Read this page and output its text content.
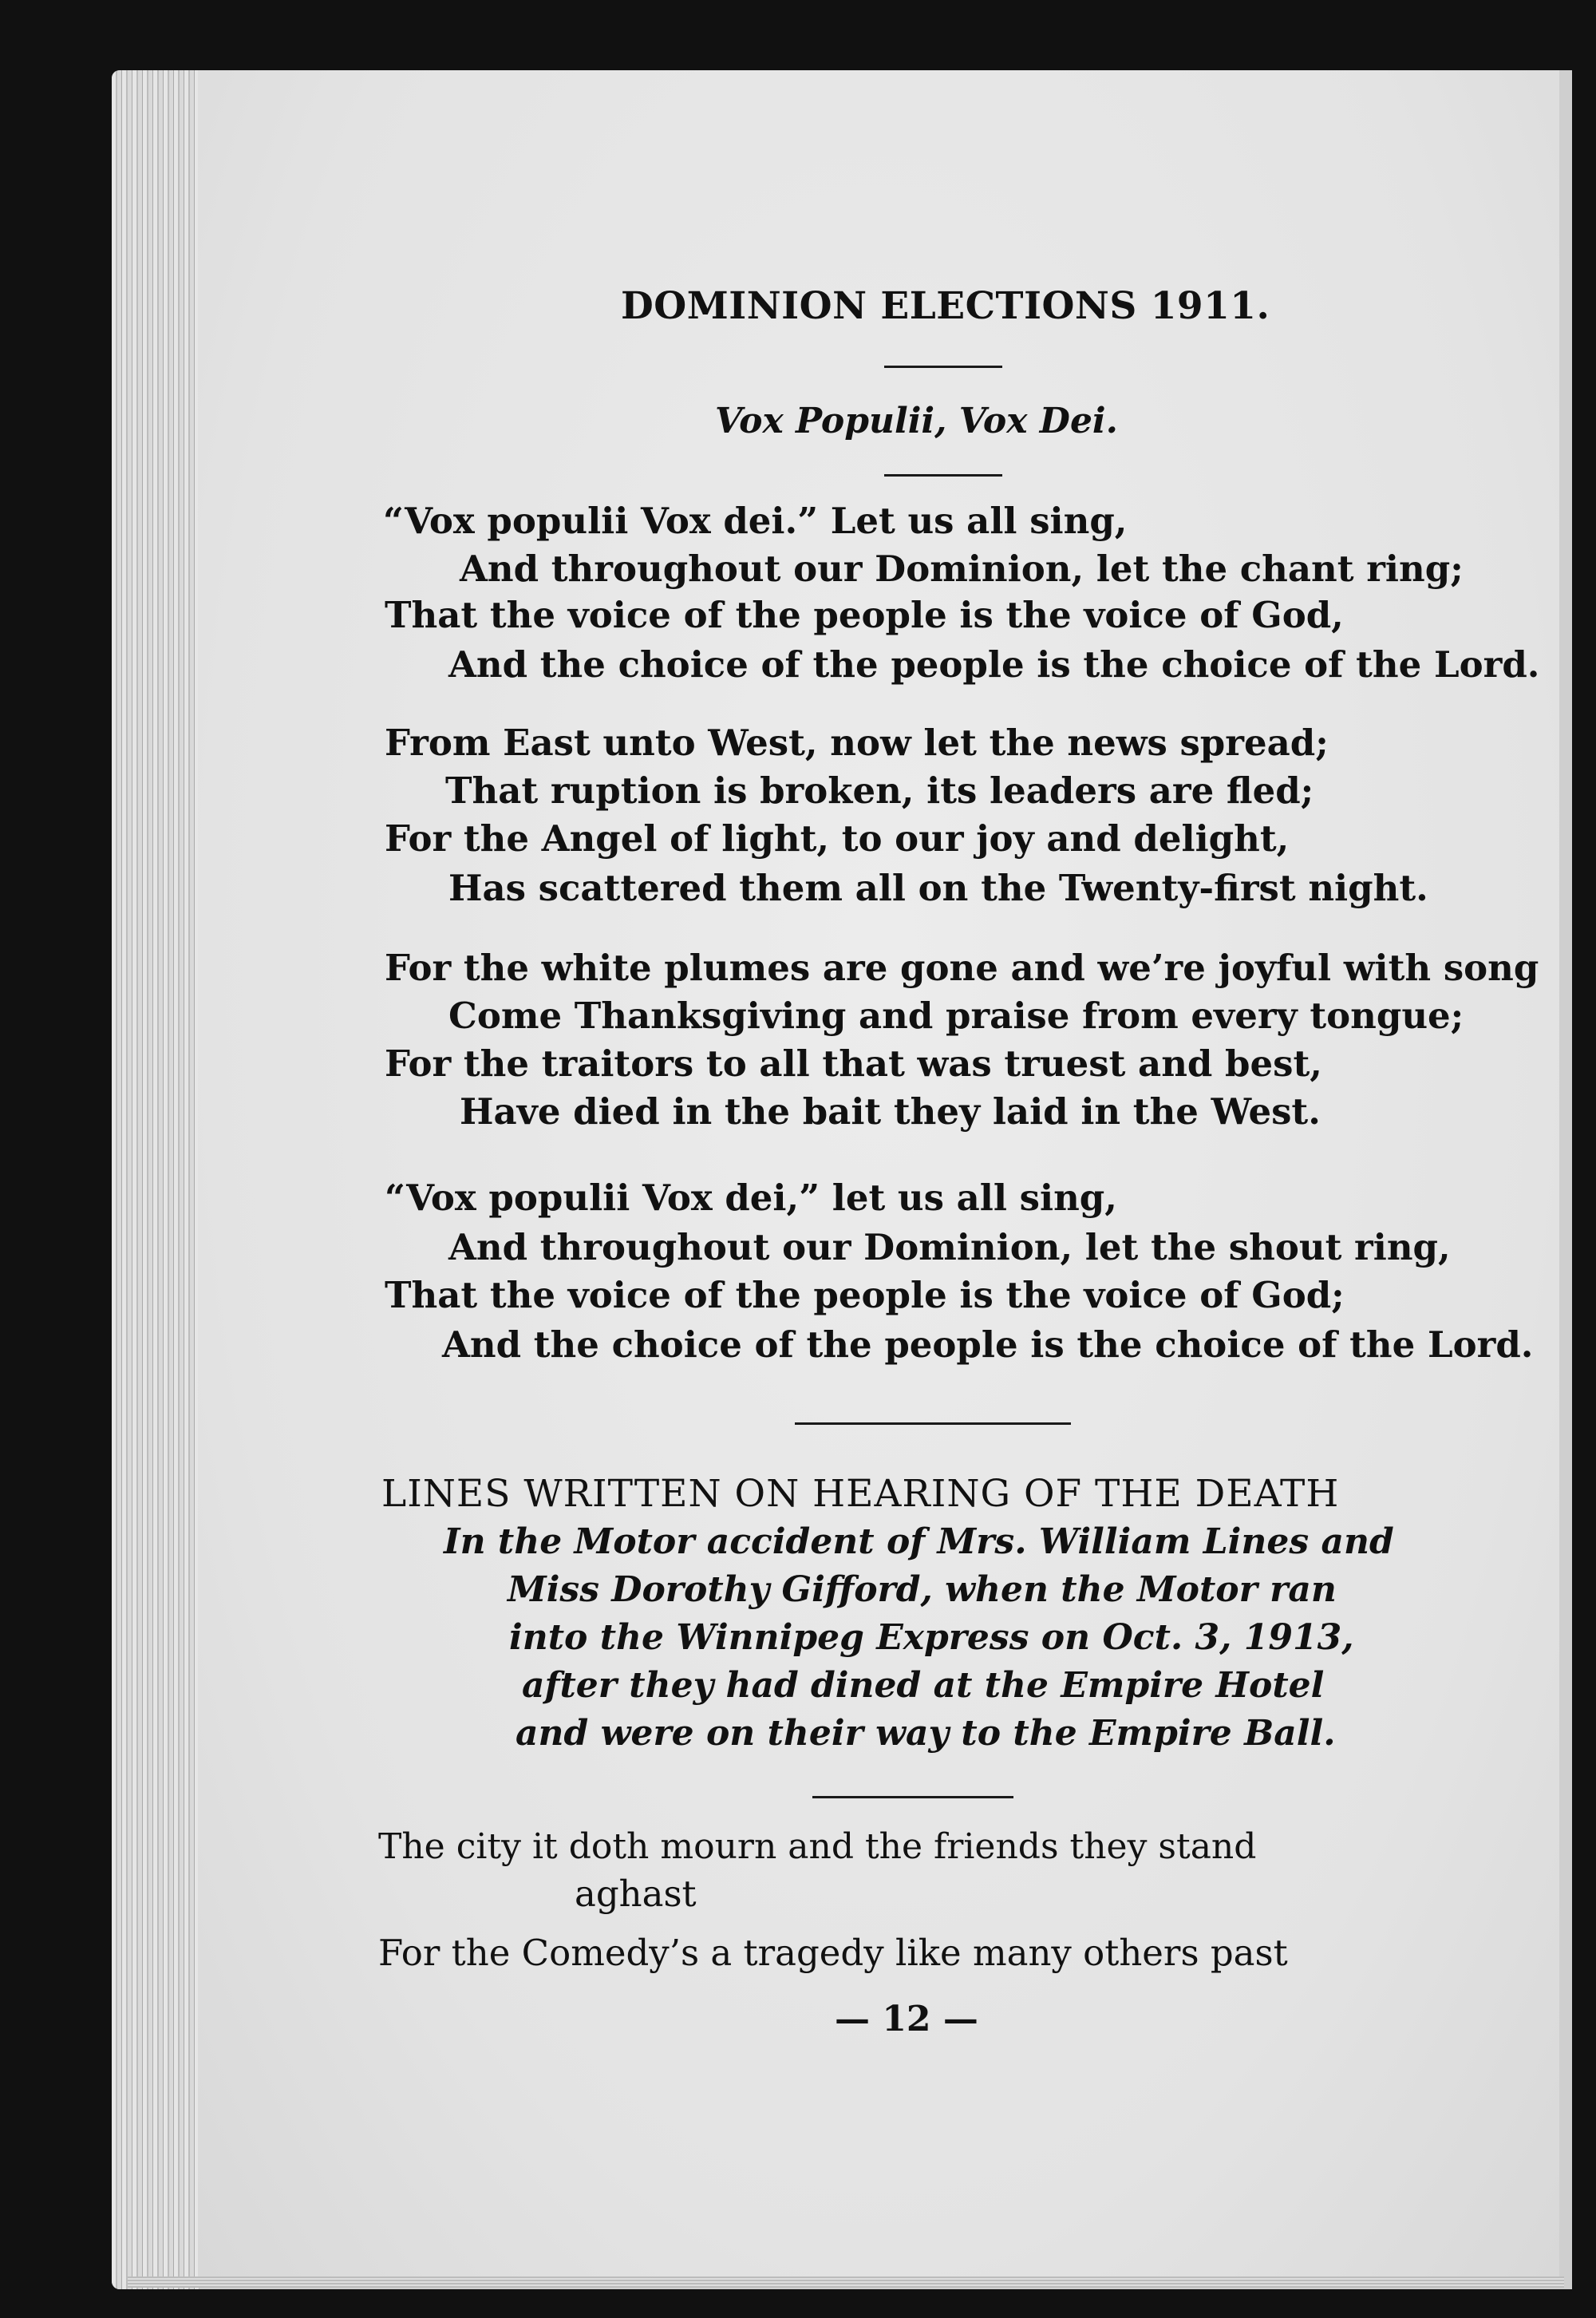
DOMINION ELECTIONS 1911.
Vox Populii, Vox Dei.
“Vox populii Vox dei.” Let us all sing,
And throughout our Dominion, let the chant ring;
That the voice of the people is the voice of God,
And the choice of the people is the choice of the Lord.
From East unto West, now let the news spread;
That ruption is broken, its leaders are fled;
For the Angel of light, to our joy and delight,
Has scattered them all on the Twenty-first night.
For the white plumes are gone and we’re joyful with song
Come Thanksgiving and praise from every tongue;
For the traitors to all that was truest and best,
Have died in the bait they laid in the West.
“Vox populii Vox dei,” let us all sing,
And throughout our Dominion, let the shout ring,
That the voice of the people is the voice of God;
And the choice of the people is the choice of the Lord.
LINES WRITTEN ON HEARING OF THE DEATH
In the Motor accident of Mrs. William Lines and
Miss Dorothy Gifford, when the Motor ran
into the Winnipeg Express on Oct. 3, 1913,
after they had dined at the Empire Hotel
and were on their way to the Empire Ball.
The city it doth mourn and the friends they stand
aghast
For the Comedy’s a tragedy like many others past
— 12 —
